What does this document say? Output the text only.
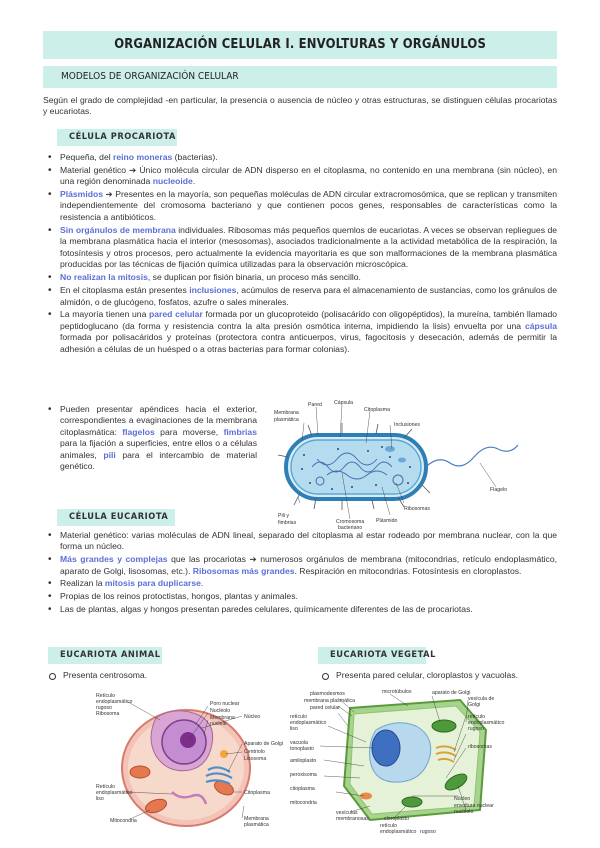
ORGANIZACIÓN CELULAR I. ENVOLTURAS Y ORGÁNULOS
MODELOS DE ORGANIZACIÓN CELULAR

Según el grado de complejidad -en particular, la presencia o ausencia de núcleo y otras estructuras, se distinguen células procariotas y eucariotas.

CÉLULA PROCARIOTA
• Pequeña, del reino moneras (bacterias).
• Material genético ➔ Único molécula circular de ADN disperso en el citoplasma, no contenido en una membrana (sin núcleo), en una región denominada nucleoide.
• Plásmidos ➔ Presentes en la mayoría, son pequeñas moléculas de ADN circular extracromosómica, que se replican y transmiten independientemente del cromosoma bacteriano y que contienen pocos genes, responsables de características como la resistencia a antibióticos.
• Sin orgánulos de membrana individuales. Ribosomas más pequeños quemlos de eucariotas. A veces se observan repliegues de la membrana plasmática hacia el interior (mesosomas), asociados tradicionalmente a la actividad metabólica de la respiración, la fotosíntesis y otros procesos, pero actualmente la evidencia mayoritaria es que son malformaciones de la membrana plasmática producidas por las técnicas de fijación química utilizadas para la observación microscópica.
• No realizan la mitosis, se duplican por fisión binaria, un proceso más sencillo.
• En el citoplasma están presentes inclusiones, acúmulos de reserva para el almacenamiento de sustancias, como los gránulos de almidón, o de glucógeno, fosfatos, azufre o sales minerales.
• La mayoría tienen una pared celular formada por un glucoproteido (polisacárido con oligopéptidos), la mureína, también llamado peptidoglucano (da forma y resistencia contra la alta presión osmótica interna, impidiendo la lisis) envuelta por una cápsula formada por polisacáridos y proteínas (protectora contra anticuerpos, virus, fagocitosis y desecación, además de permitir la adhesión a células de un huésped o a otras bacterias para formar colonias).
• Pueden presentar apéndices hacia el exterior, correspondientes a evaginaciones de la membrana citoplasmática: flagelos para moverse, fimbrias para la fijación a superficies, entre ellos o a células animales, pili para el intercambio de material genético.
Membrana
plasmática
Pared Cápsula
Citoplasma
Inclusiones
Flagelo
Ribosomas
Plásmido
Pili y
fimbrias	Cromosoma
bacteriano
CÉLULA EUCARIOTA
• Material genético: varias moléculas de ADN lineal, separado del citoplasma al estar rodeado por membrana nuclear, con la que forma un núcleo.
• Más grandes y complejas que las procariotas ➔ numerosos orgánulos de membrana (mitocondrias, retículo endoplasmático, aparato de Golgi, lisosomas, etc.). Ribosomas más grandes. Respiración en mitocondrias. Fotosíntesis en cloroplastos.
• Realizan la mitosis para duplicarse.
• Propias de los reinos protoctistas, hongos, plantas y animales.
• Las de plantas, algas y hongos presentan paredes celulares, químicamente diferentes de las de procariotas.
EUCARIOTA ANIMAL
Presenta centrosoma.
EUCARIOTA VEGETAL
Presenta pared celular, cloroplastos y vacuolas.
Retículo
endoplasmático
rugoso
Ribosoma
Poro nuclear
Nucléolo
Membrana
nuclear
Núcleo
Aparato de Golgi
Centriolo
Lisosoma
Retículo
endoplasmático
liso
Citoplasma
Mitocondria	Membrana
plasmática
plasmodesmos
membrana plasmática
pared celular
retículo
endoplasmático
liso
vacuola
tonoplasto
amiloplasto
peroxisoma
citoplasma
mitocondria
microtúbulos	aparato de Golgi
vesícula de
Golgi
retículo
endoplasmático
rugoso
ribosomas
Núcleo
envoltura nuclear
nucléolo
vesículas
membranosas	cloroplasto
retículo
endoplasmático rugoso
